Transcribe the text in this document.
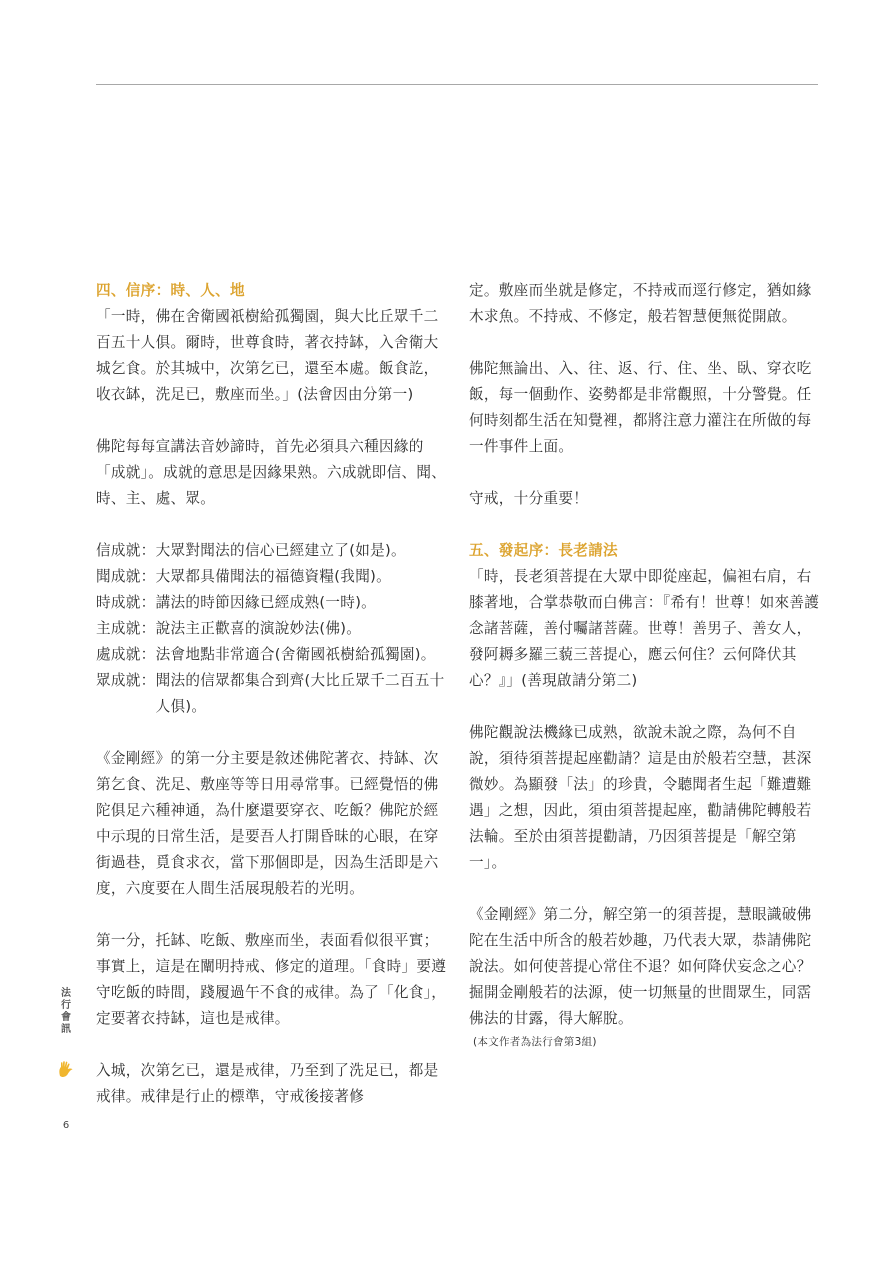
四、信序：時、人、地

「一時，佛在舍衛國祇樹給孤獨園，與大比丘眾千二百五十人俱。爾時，世尊食時，著衣持缽，入舍衛大城乞食。於其城中，次第乞已，還至本處。飯食訖，收衣缽，洗足已，敷座而坐。」(法會因由分第一)

佛陀每每宣講法音妙諦時，首先必須具六種因緣的「成就」。成就的意思是因緣果熟。六成就即信、聞、時、主、處、眾。

信成就： 大眾對聞法的信心已經建立了(如是)。
聞成就： 大眾都具備聞法的福德資糧(我聞)。
時成就： 講法的時節因緣已經成熟(一時)。
主成就： 說法主正歡喜的演說妙法(佛)。
處成就： 法會地點非常適合(舍衛國祇樹給孤獨園)。
眾成就： 聞法的信眾都集合到齊(大比丘眾千二百五十人俱)。

《金剛經》的第一分主要是敘述佛陀著衣、持缽、次第乞食、洗足、敷座等等日用尋常事。已經覺悟的佛陀俱足六種神通，為什麼還要穿衣、吃飯？佛陀於經中示現的日常生活，是要吾人打開昏昧的心眼，在穿街過巷，覓食求衣，當下那個即是，因為生活即是六度，六度要在人間生活展現般若的光明。

第一分，托缽、吃飯、敷座而坐，表面看似很平實；事實上，這是在闡明持戒、修定的道理。「食時」要遵守吃飯的時間，踐履過午不食的戒律。為了「化食」，定要著衣持缽，這也是戒律。

入城，次第乞已，還是戒律，乃至到了洗足已，都是戒律。戒律是行止的標準，守戒後接著修

定。敷座而坐就是修定，不持戒而逕行修定，猶如緣木求魚。不持戒、不修定，般若智慧便無從開啟。

佛陀無論出、入、往、返、行、住、坐、臥、穿衣吃飯，每一個動作、姿勢都是非常觀照，十分警覺。任何時刻都生活在知覺裡，都將注意力灌注在所做的每一件事件上面。

守戒，十分重要！

五、發起序：長老請法

「時，長老須菩提在大眾中即從座起，偏袒右肩，右膝著地，合掌恭敬而白佛言：『希有！世尊！如來善護念諸菩薩，善付囑諸菩薩。世尊！善男子、善女人，發阿耨多羅三藐三菩提心，應云何住？云何降伏其心？』」(善現啟請分第二)

佛陀觀說法機緣已成熟，欲說未說之際，為何不自說，須待須菩提起座勸請？這是由於般若空慧，甚深微妙。為顯發「法」的珍貴，令聽聞者生起「難遭難遇」之想，因此，須由須菩提起座，勸請佛陀轉般若法輪。至於由須菩提勸請，乃因須菩提是「解空第一」。

《金剛經》第二分，解空第一的須菩提，慧眼識破佛陀在生活中所含的般若妙趣，乃代表大眾，恭請佛陀說法。如何使菩提心常住不退？如何降伏妄念之心？掘開金剛般若的法源，使一切無量的世間眾生，同霑佛法的甘露，得大解脫。

(本文作者為法行會第3組)

法
行
會
訊
6
